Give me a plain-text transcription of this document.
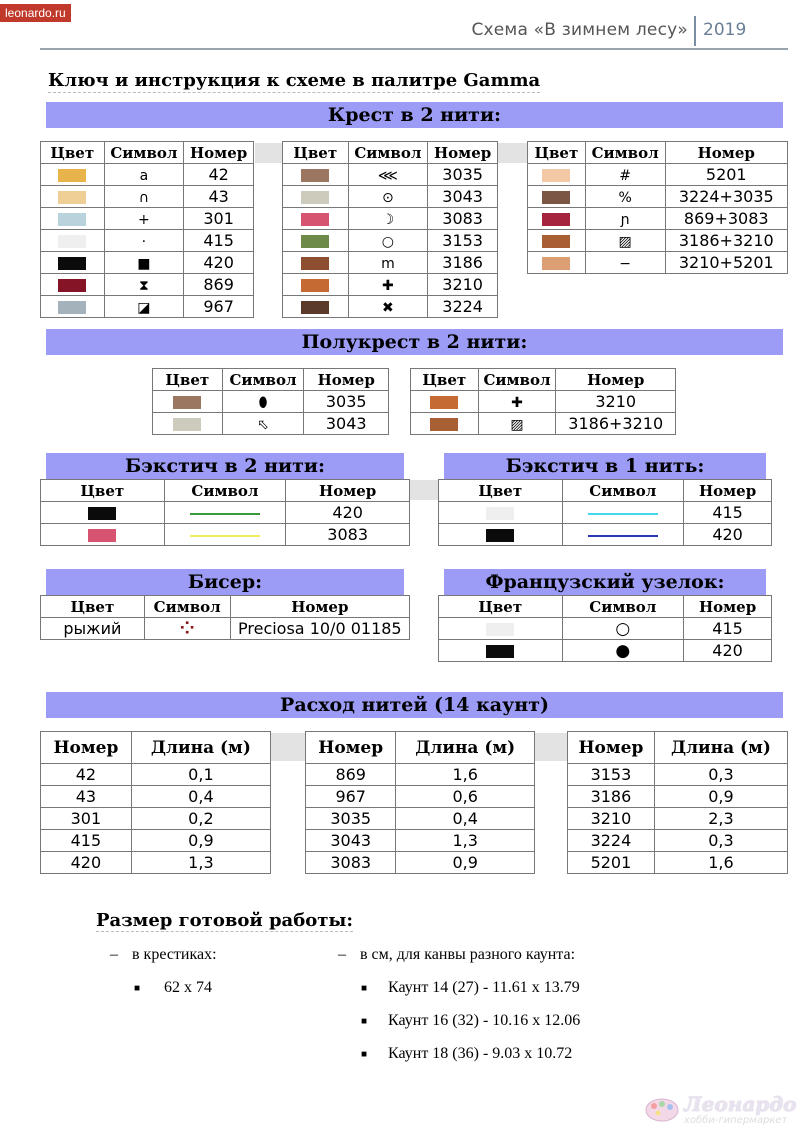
leonardo.ru
Схема «В зимнем лесу» 2019
Ключ и инструкция к схеме в палитре Gamma
Крест в 2 нити:
Цвет	Символ	Номер
	a	42
	∩	43
	+	301
	·	415
	■	420
	⧗	869
	◪	967
Цвет	Символ	Номер
	⋘	3035
	⊙	3043
	☽	3083
	○	3153
	m	3186
	✚	3210
	✖	3224
Цвет	Символ	Номер
	#	5201
	%	3224+3035
	ɲ	869+3083
	▨	3186+3210
	−	3210+5201
Полукрест в 2 нити:
Цвет	Символ	Номер
	⬮	3035
	⬁	3043
Цвет	Символ	Номер
	✚	3210
	▨	3186+3210
Бэкстич в 2 нити:	Бэкстич в 1 нить:
Цвет	Символ	Номер
		420
		3083
Цвет	Символ	Номер
		415
		420
Бисер:	Французский узелок:
Цвет	Символ	Номер
рыжий	⁘	Preciosa 10/0 01185
Цвет	Символ	Номер
	○	415
	●	420
Расход нитей (14 каунт)
Номер	Длина (м)
42	0,1
43	0,4
301	0,2
415	0,9
420	1,3
Номер	Длина (м)
869	1,6
967	0,6
3035	0,4
3043	1,3
3083	0,9
Номер	Длина (м)
3153	0,3
3186	0,9
3210	2,3
3224	0,3
5201	1,6
Размер готовой работы:
– в крестиках:
■ 62 x 74
– в см, для канвы разного каунта:
■ Каунт 14 (27) - 11.61 x 13.79
■ Каунт 16 (32) - 10.16 x 12.06
■ Каунт 18 (36) - 9.03 x 10.72
Леонардо
хобби-гипермаркет
